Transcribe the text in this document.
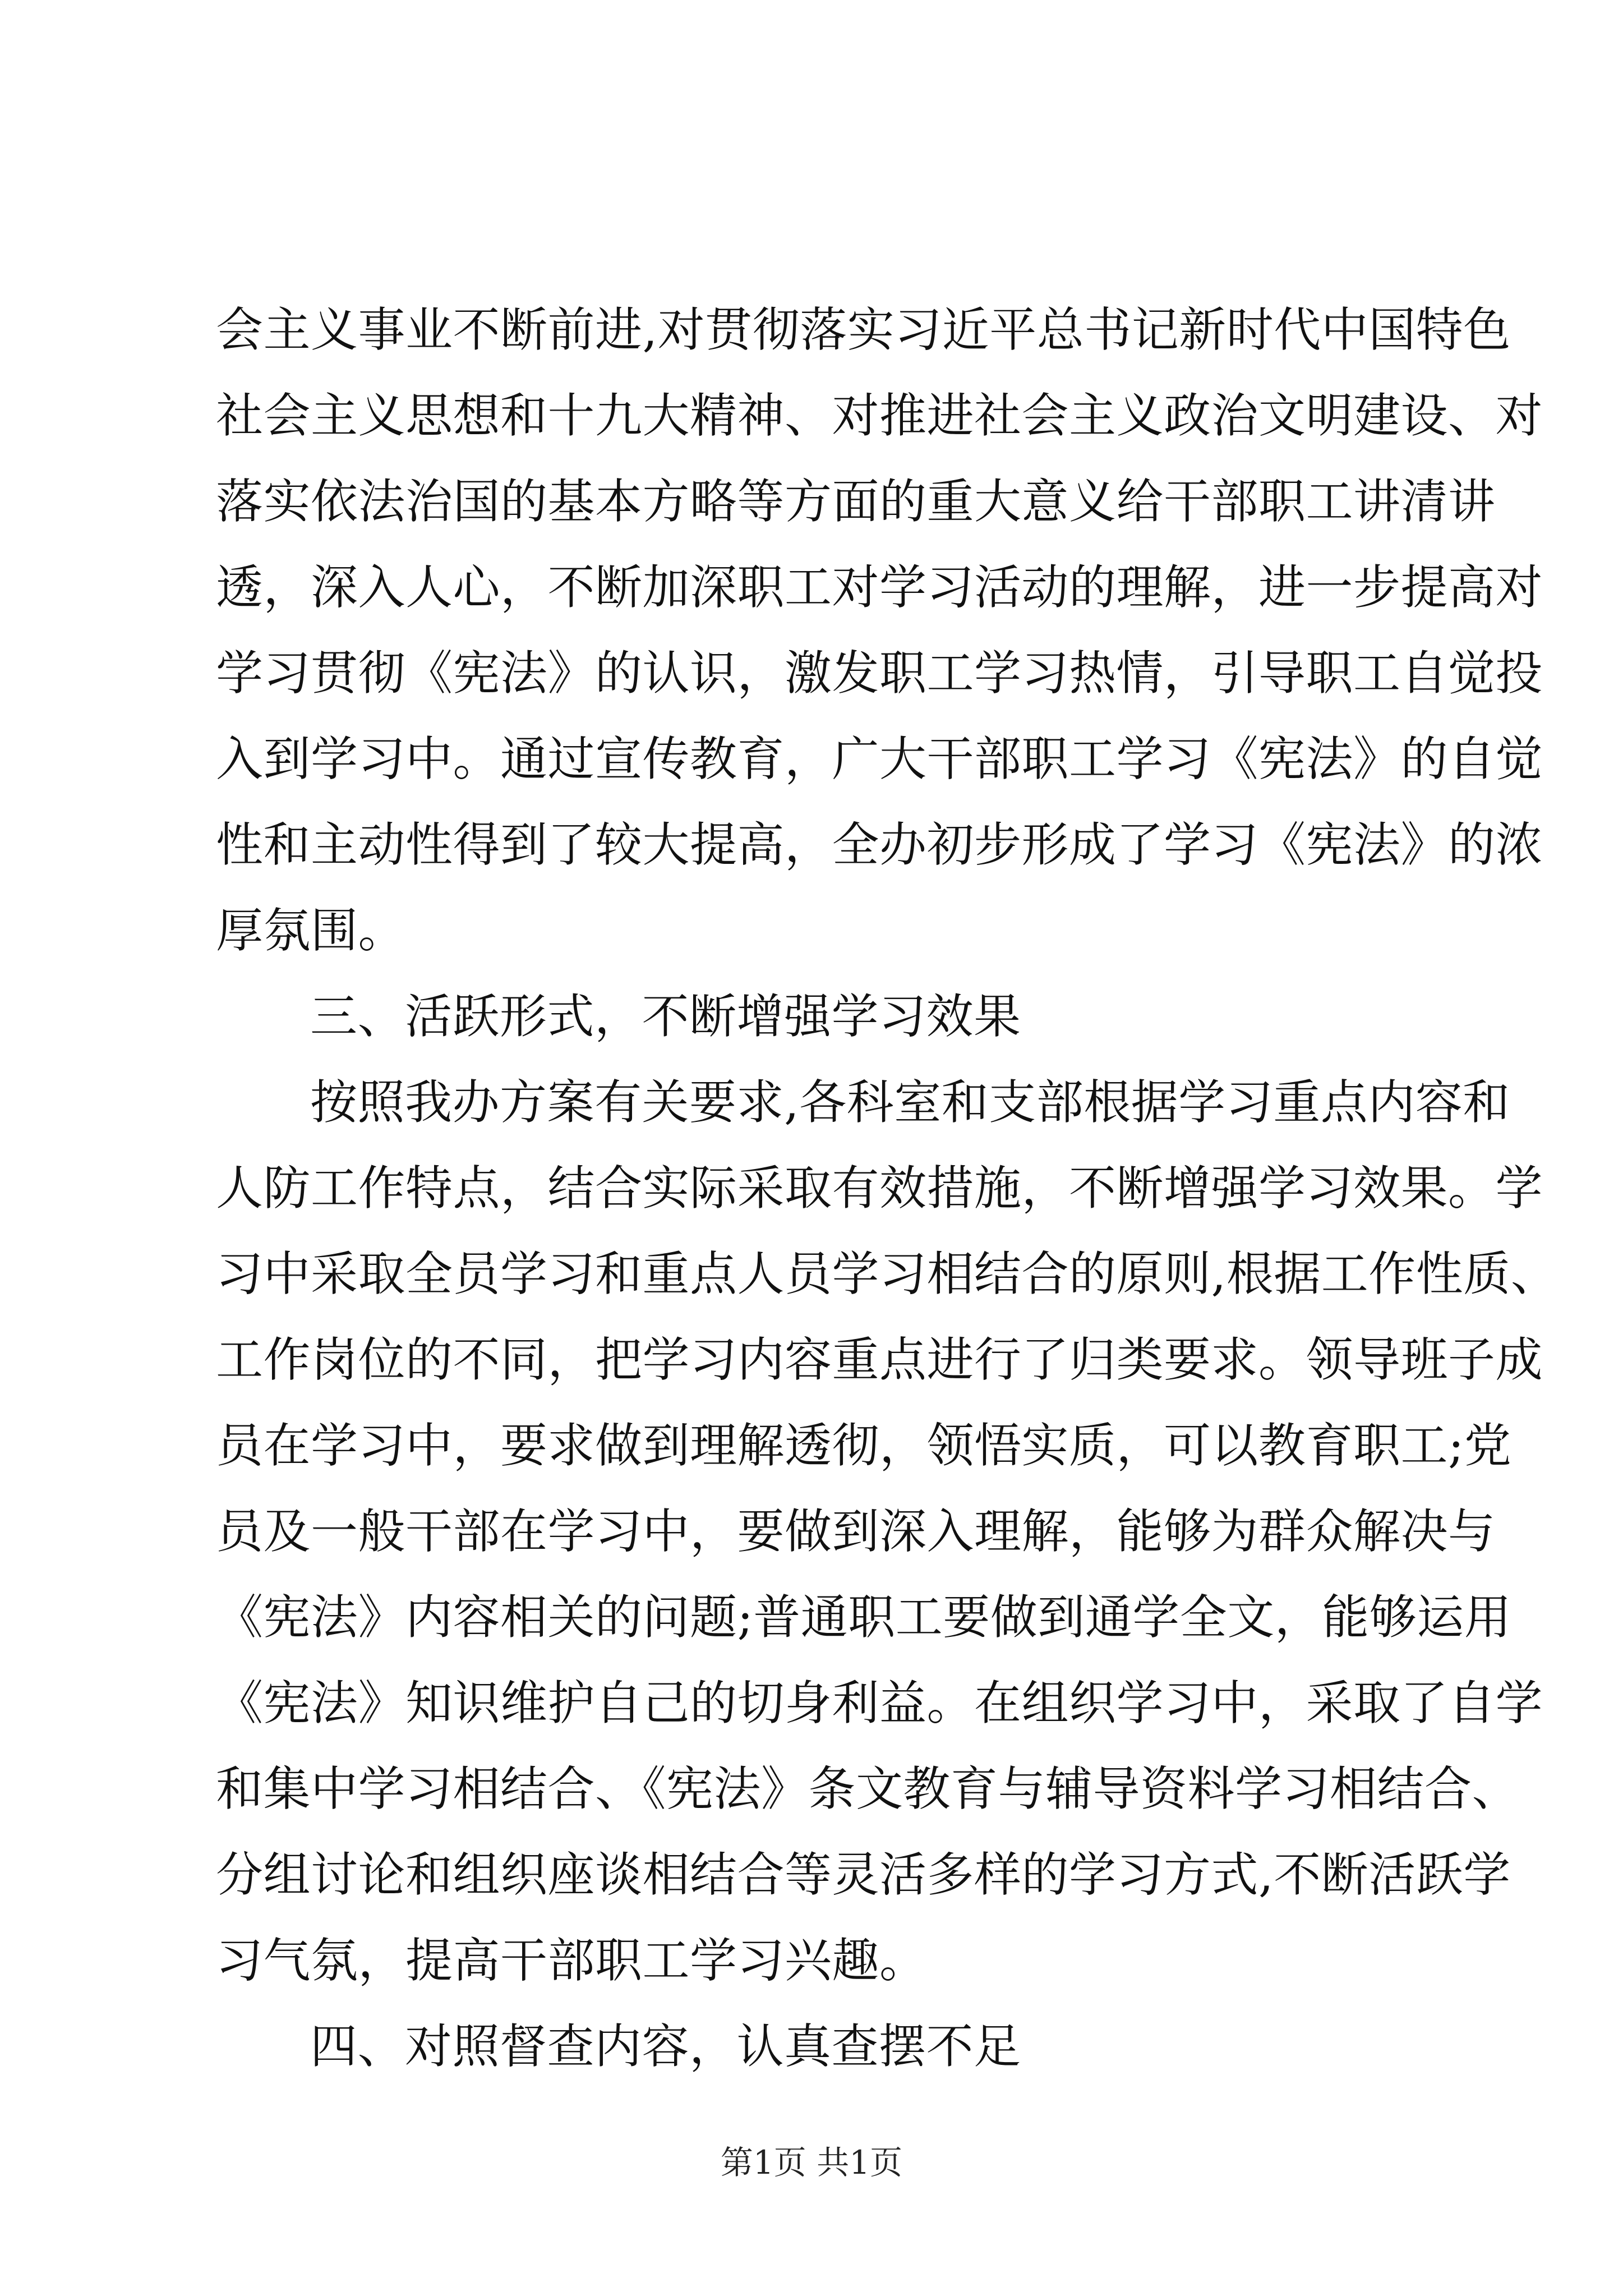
会主义事业不断前进,对贯彻落实习近平总书记新时代中国特色
社会主义思想和十九大精神、对推进社会主义政治文明建设、对
落实依法治国的基本方略等方面的重大意义给干部职工讲清讲
透，深入人心，不断加深职工对学习活动的理解，进一步提高对
学习贯彻《宪法》的认识，激发职工学习热情，引导职工自觉投
入到学习中。通过宣传教育，广大干部职工学习《宪法》的自觉
性和主动性得到了较大提高，全办初步形成了学习《宪法》的浓
厚氛围。
三、活跃形式，不断增强学习效果
按照我办方案有关要求,各科室和支部根据学习重点内容和
人防工作特点，结合实际采取有效措施，不断增强学习效果。学
习中采取全员学习和重点人员学习相结合的原则,根据工作性质、
工作岗位的不同，把学习内容重点进行了归类要求。领导班子成
员在学习中，要求做到理解透彻，领悟实质，可以教育职工;党
员及一般干部在学习中，要做到深入理解，能够为群众解决与
《宪法》内容相关的问题;普通职工要做到通学全文，能够运用
《宪法》知识维护自己的切身利益。在组织学习中，采取了自学
和集中学习相结合、《宪法》条文教育与辅导资料学习相结合、
分组讨论和组织座谈相结合等灵活多样的学习方式,不断活跃学
习气氛，提高干部职工学习兴趣。
四、对照督查内容，认真查摆不足
第1页 共1页
